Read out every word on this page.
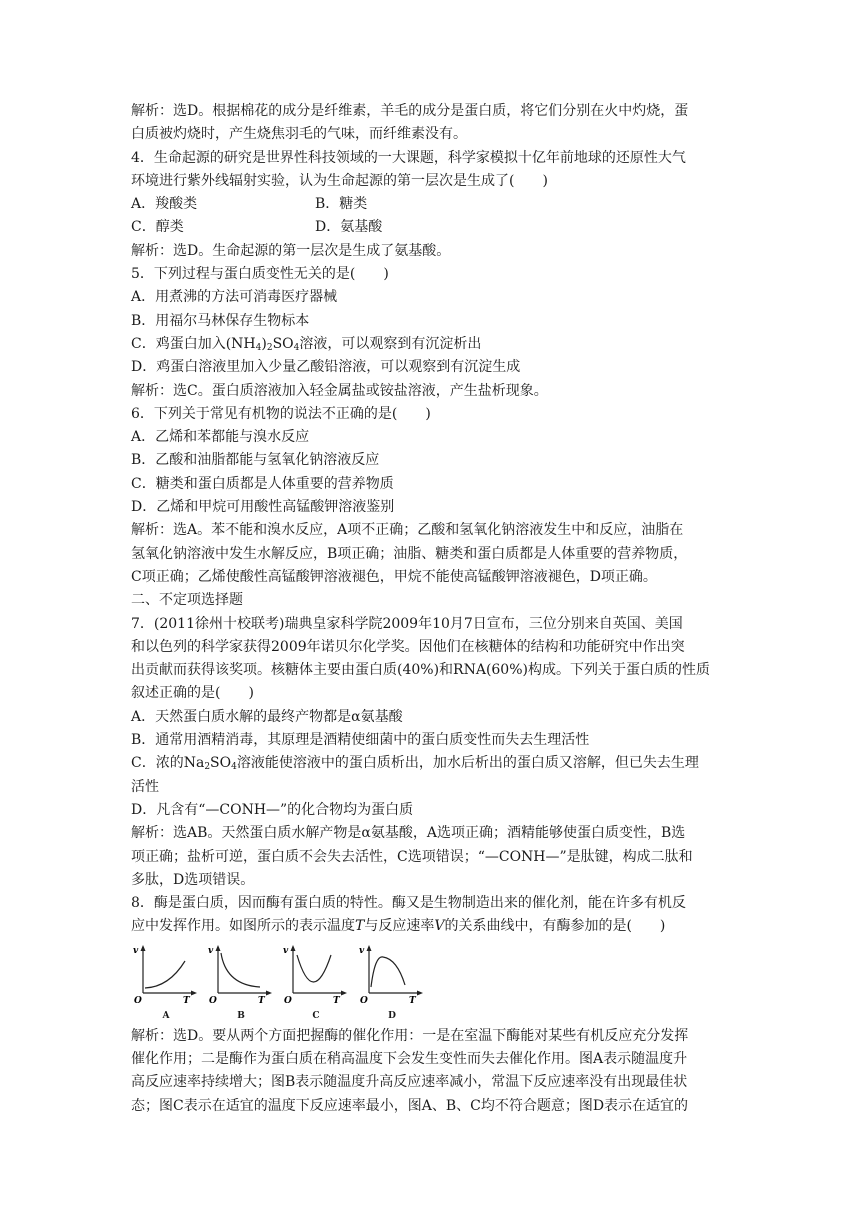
解析：选D。根据棉花的成分是纤维素，羊毛的成分是蛋白质，将它们分别在火中灼烧，蛋
白质被灼烧时，产生烧焦羽毛的气味，而纤维素没有。
4．生命起源的研究是世界性科技领域的一大课题，科学家模拟十亿年前地球的还原性大气
环境进行紫外线辐射实验，认为生命起源的第一层次是生成了(　　)
A．羧酸类	B．糖类
C．醇类	D．氨基酸
解析：选D。生命起源的第一层次是生成了氨基酸。
5．下列过程与蛋白质变性无关的是(　　)
A．用煮沸的方法可消毒医疗器械
B．用福尔马林保存生物标本
C．鸡蛋白加入$(NH_4)_2SO_4$溶液，可以观察到有沉淀析出
D．鸡蛋白溶液里加入少量乙酸铅溶液，可以观察到有沉淀生成
解析：选C。蛋白质溶液加入轻金属盐或铵盐溶液，产生盐析现象。
6．下列关于常见有机物的说法不正确的是(　　)
A．乙烯和苯都能与溴水反应
B．乙酸和油脂都能与氢氧化钠溶液反应
C．糖类和蛋白质都是人体重要的营养物质
D．乙烯和甲烷可用酸性高锰酸钾溶液鉴别
解析：选A。苯不能和溴水反应，A项不正确；乙酸和氢氧化钠溶液发生中和反应，油脂在
氢氧化钠溶液中发生水解反应，B项正确；油脂、糖类和蛋白质都是人体重要的营养物质，
C项正确；乙烯使酸性高锰酸钾溶液褪色，甲烷不能使高锰酸钾溶液褪色，D项正确。
二、不定项选择题
7．(2011徐州十校联考)瑞典皇家科学院2009年10月7日宣布，三位分别来自英国、美国
和以色列的科学家获得2009年诺贝尔化学奖。因他们在核糖体的结构和功能研究中作出突
出贡献而获得该奖项。核糖体主要由蛋白质(40%)和RNA(60%)构成。下列关于蛋白质的性质
叙述正确的是(　　)
A．天然蛋白质水解的最终产物都是α氨基酸
B．通常用酒精消毒，其原理是酒精使细菌中的蛋白质变性而失去生理活性
C．浓的$Na_2SO_4$溶液能使溶液中的蛋白质析出，加水后析出的蛋白质又溶解，但已失去生理
活性
D．凡含有“—CONH—”的化合物均为蛋白质
解析：选AB。天然蛋白质水解产物是α氨基酸，A选项正确；酒精能够使蛋白质变性，B选
项正确；盐析可逆，蛋白质不会失去活性，C选项错误；“—CONH—”是肽键，构成二肽和
多肽，D选项错误。
8．酶是蛋白质，因而酶有蛋白质的特性。酶又是生物制造出来的催化剂，能在许多有机反
应中发挥作用。如图所示的表示温度T与反应速率V的关系曲线中，有酶参加的是(　　)
v
O	T
A
v
O	T
B
v
O	T
C
v
O	T
D
解析：选D。要从两个方面把握酶的催化作用：一是在室温下酶能对某些有机反应充分发挥
催化作用；二是酶作为蛋白质在稍高温度下会发生变性而失去催化作用。图A表示随温度升
高反应速率持续增大；图B表示随温度升高反应速率减小，常温下反应速率没有出现最佳状
态；图C表示在适宜的温度下反应速率最小，图A、B、C均不符合题意；图D表示在适宜的
